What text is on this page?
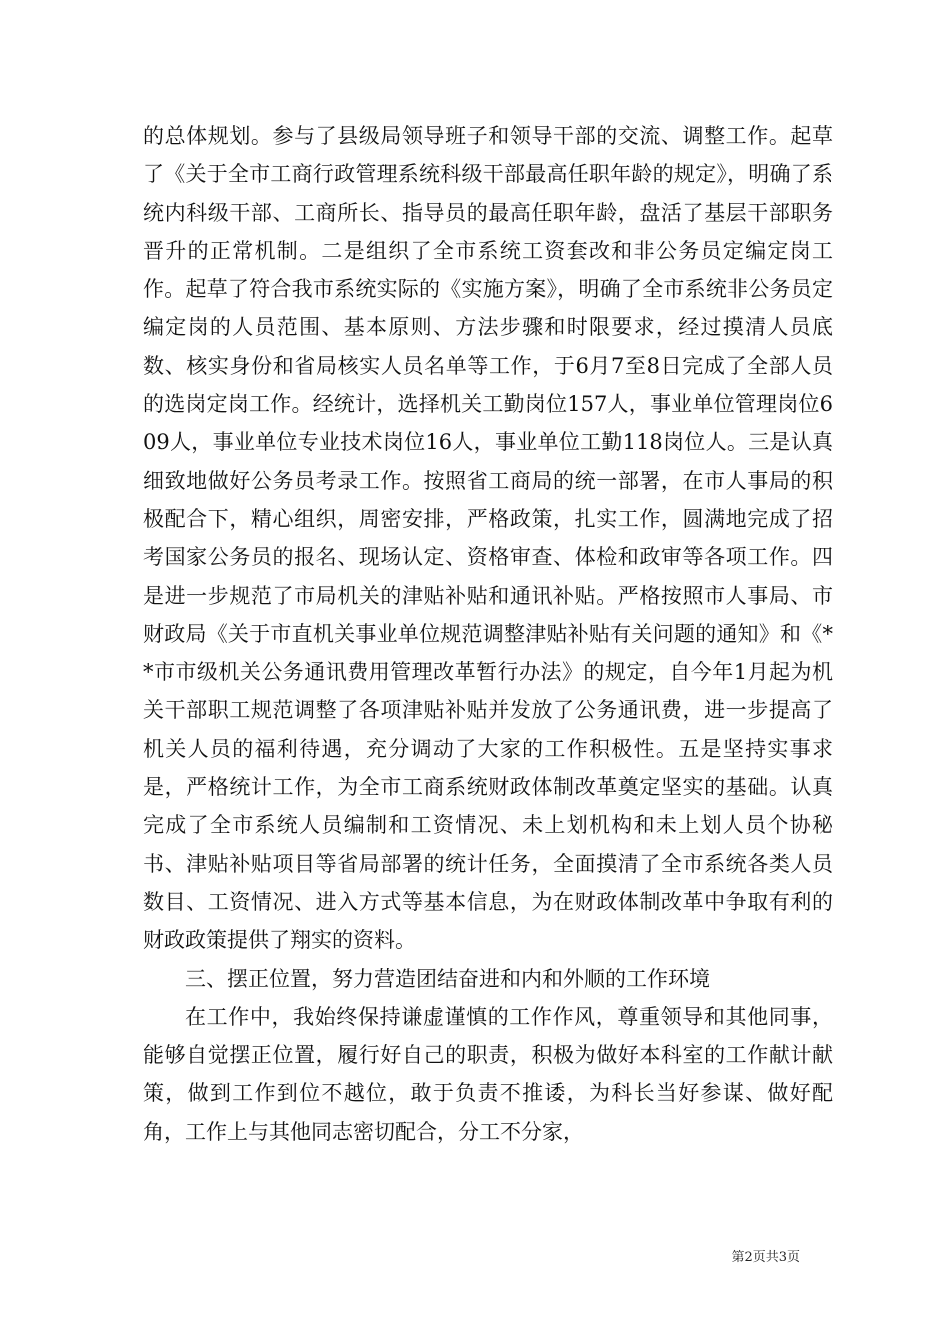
的总体规划。参与了县级局领导班子和领导干部的交流、调整工作。起草了《关于全市工商行政管理系统科级干部最高任职年龄的规定》，明确了系统内科级干部、工商所长、指导员的最高任职年龄，盘活了基层干部职务晋升的正常机制。二是组织了全市系统工资套改和非公务员定编定岗工作。起草了符合我市系统实际的《实施方案》，明确了全市系统非公务员定编定岗的人员范围、基本原则、方法步骤和时限要求，经过摸清人员底数、核实身份和省局核实人员名单等工作，于6月7至8日完成了全部人员的选岗定岗工作。经统计，选择机关工勤岗位157人，事业单位管理岗位609人，事业单位专业技术岗位16人，事业单位工勤118岗位人。三是认真细致地做好公务员考录工作。按照省工商局的统一部署，在市人事局的积极配合下，精心组织，周密安排，严格政策，扎实工作，圆满地完成了招考国家公务员的报名、现场认定、资格审查、体检和政审等各项工作。四是进一步规范了市局机关的津贴补贴和通讯补贴。严格按照市人事局、市财政局《关于市直机关事业单位规范调整津贴补贴有关问题的通知》和《**市市级机关公务通讯费用管理改革暂行办法》的规定，自今年1月起为机关干部职工规范调整了各项津贴补贴并发放了公务通讯费，进一步提高了机关人员的福利待遇，充分调动了大家的工作积极性。五是坚持实事求是，严格统计工作，为全市工商系统财政体制改革奠定坚实的基础。认真完成了全市系统人员编制和工资情况、未上划机构和未上划人员个协秘书、津贴补贴项目等省局部署的统计任务，全面摸清了全市系统各类人员数目、工资情况、进入方式等基本信息，为在财政体制改革中争取有利的财政政策提供了翔实的资料。

三、摆正位置，努力营造团结奋进和内和外顺的工作环境

在工作中，我始终保持谦虚谨慎的工作作风，尊重领导和其他同事，能够自觉摆正位置，履行好自己的职责，积极为做好本科室的工作献计献策，做到工作到位不越位，敢于负责不推诿，为科长当好参谋、做好配角，工作上与其他同志密切配合，分工不分家，

第2页共3页
